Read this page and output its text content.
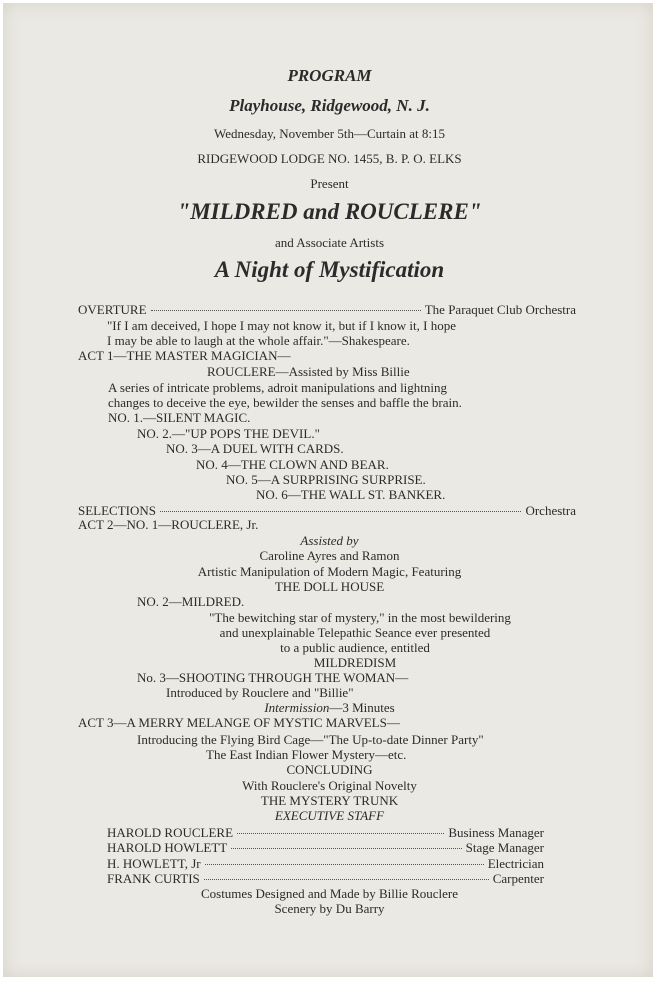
PROGRAM
Playhouse, Ridgewood, N. J.
Wednesday, November 5th—Curtain at 8:15
RIDGEWOOD LODGE NO. 1455, B. P. O. ELKS
Present
"MILDRED and ROUCLERE"
and Associate Artists
A Night of Mystification
OVERTURE	The Paraquet Club Orchestra
"If I am deceived, I hope I may not know it, but if I know it, I hope
I may be able to laugh at the whole affair."—Shakespeare.
ACT 1—THE MASTER MAGICIAN—
ROUCLERE—Assisted by Miss Billie
A series of intricate problems, adroit manipulations and lightning
changes to deceive the eye, bewilder the senses and baffle the brain.
NO. 1.—SILENT MAGIC.
NO. 2.—"UP POPS THE DEVIL."
NO. 3—A DUEL WITH CARDS.
NO. 4—THE CLOWN AND BEAR.
NO. 5—A SURPRISING SURPRISE.
NO. 6—THE WALL ST. BANKER.
SELECTIONS	Orchestra
ACT 2—NO. 1—ROUCLERE, Jr.
Assisted by
Caroline Ayres and Ramon
Artistic Manipulation of Modern Magic, Featuring
THE DOLL HOUSE
NO. 2—MILDRED.
"The bewitching star of mystery," in the most bewildering
and unexplainable Telepathic Seance ever presented
to a public audience, entitled
MILDREDISM
No. 3—SHOOTING THROUGH THE WOMAN—
Introduced by Rouclere and "Billie"
Intermission—3 Minutes
ACT 3—A MERRY MELANGE OF MYSTIC MARVELS—
Introducing the Flying Bird Cage—"The Up-to-date Dinner Party"
The East Indian Flower Mystery—etc.
CONCLUDING
With Rouclere's Original Novelty
THE MYSTERY TRUNK
EXECUTIVE STAFF
HAROLD ROUCLERE	Business Manager
HAROLD HOWLETT	Stage Manager
H. HOWLETT, Jr	Electrician
FRANK CURTIS	Carpenter
Costumes Designed and Made by Billie Rouclere
Scenery by Du Barry
